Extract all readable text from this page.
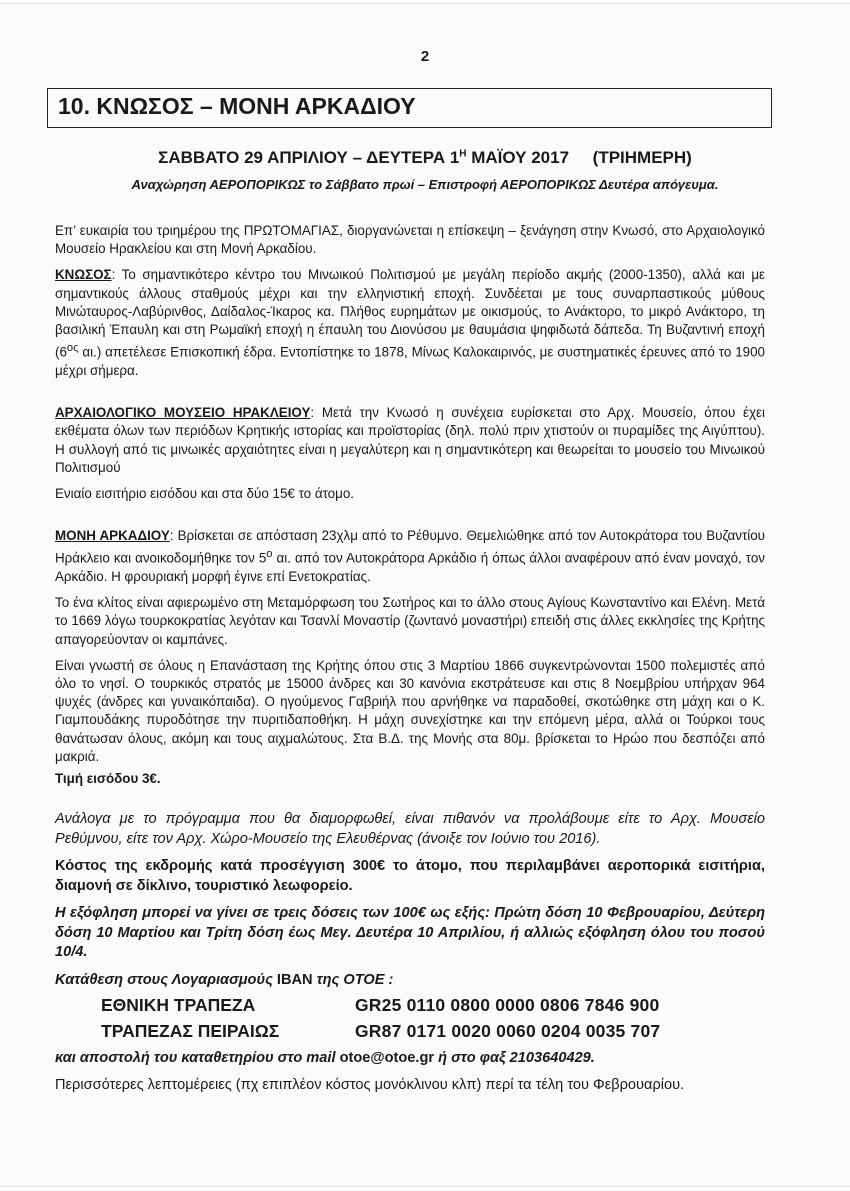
2
10. ΚΝΩΣΟΣ – ΜΟΝΗ ΑΡΚΑΔΙΟΥ
ΣΑΒΒΑΤΟ 29 ΑΠΡΙΛΙΟΥ – ΔΕΥΤΕΡΑ $1^H$ ΜΑΪΟΥ 2017 (ΤΡΙΗΜΕΡΗ)
Αναχώρηση ΑΕΡΟΠΟΡΙΚΩΣ το Σάββατο πρωί – Επιστροφή ΑΕΡΟΠΟΡΙΚΩΣ Δευτέρα απόγευμα.

Επ’ ευκαιρία του τριημέρου της ΠΡΩΤΟΜΑΓΙΑΣ, διοργανώνεται η επίσκεψη – ξενάγηση στην Κνωσό, στο Αρχαιολογικό Μουσείο Ηρακλείου και στη Μονή Αρκαδίου.

ΚΝΩΣΟΣ: Το σημαντικότερο κέντρο του Μινωικού Πολιτισμού με μεγάλη περίοδο ακμής (2000-1350), αλλά και με σημαντικούς άλλους σταθμούς μέχρι και την ελληνιστική εποχή. Συνδέεται με τους συναρπαστικούς μύθους Μινώταυρος-Λαβύρινθος, Δαίδαλος-Ίκαρος κα. Πλήθος ευρημάτων με οικισμούς, το Ανάκτορο, το μικρό Ανάκτορο, τη βασιλική Έπαυλη και στη Ρωμαϊκή εποχή η έπαυλη του Διονύσου με θαυμάσια ψηφιδωτά δάπεδα. Τη Βυζαντινή εποχή ($6^{o\varsigma}$ αι.) απετέλεσε Επισκοπική έδρα. Εντοπίστηκε το 1878, Μίνως Καλοκαιρινός, με συστηματικές έρευνες από το 1900 μέχρι σήμερα.

ΑΡΧΑΙΟΛΟΓΙΚΟ ΜΟΥΣΕΙΟ ΗΡΑΚΛΕΙΟΥ: Μετά την Κνωσό η συνέχεια ευρίσκεται στο Αρχ. Μουσείο, όπου έχει εκθέματα όλων των περιόδων Κρητικής ιστορίας και προϊστορίας (δηλ. πολύ πριν χτιστούν οι πυραμίδες της Αιγύπτου). Η συλλογή από τις μινωικές αρχαιότητες είναι η μεγαλύτερη και η σημαντικότερη και θεωρείται το μουσείο του Μινωικού Πολιτισμού

Ενιαίο εισιτήριο εισόδου και στα δύο 15€ το άτομο.

ΜΟΝΗ ΑΡΚΑΔΙΟΥ: Βρίσκεται σε απόσταση 23χλμ από το Ρέθυμνο. Θεμελιώθηκε από τον Αυτοκράτορα του Βυζαντίου Ηράκλειο και ανοικοδομήθηκε τον $5^o$ αι. από τον Αυτοκράτορα Αρκάδιο ή όπως άλλοι αναφέρουν από έναν μοναχό, τον Αρκάδιο. Η φρουριακή μορφή έγινε επί Ενετοκρατίας.

Το ένα κλίτος είναι αφιερωμένο στη Μεταμόρφωση του Σωτήρος και το άλλο στους Αγίους Κωνσταντίνο και Ελένη. Μετά το 1669 λόγω τουρκοκρατίας λεγόταν και Τσανλί Μοναστίρ (ζωντανό μοναστήρι) επειδή στις άλλες εκκλησίες της Κρήτης απαγορεύονταν οι καμπάνες.

Είναι γνωστή σε όλους η Επανάσταση της Κρήτης όπου στις 3 Μαρτίου 1866 συγκεντρώνονται 1500 πολεμιστές από όλο το νησί. Ο τουρκικός στρατός με 15000 άνδρες και 30 κανόνια εκστράτευσε και στις 8 Νοεμβρίου υπήρχαν 964 ψυχές (άνδρες και γυναικόπαιδα). Ο ηγούμενος Γαβριήλ που αρνήθηκε να παραδοθεί, σκοτώθηκε στη μάχη και ο Κ. Γιαμπουδάκης πυροδότησε την πυριτιδαποθήκη. Η μάχη συνεχίστηκε και την επόμενη μέρα, αλλά οι Τούρκοι τους θανάτωσαν όλους, ακόμη και τους αιχμαλώτους. Στα Β.Δ. της Μονής στα 80μ. βρίσκεται το Ηρώο που δεσπόζει από μακριά.

Τιμή εισόδου 3€.

Ανάλογα με το πρόγραμμα που θα διαμορφωθεί, είναι πιθανόν να προλάβουμε είτε το Αρχ. Μουσείο Ρεθύμνου, είτε τον Αρχ. Χώρο-Μουσείο της Ελευθέρνας (άνοιξε τον Ιούνιο του 2016).

Κόστος της εκδρομής κατά προσέγγιση 300€ το άτομο, που περιλαμβάνει αεροπορικά εισιτήρια, διαμονή σε δίκλινο, τουριστικό λεωφορείο.

Η εξόφληση μπορεί να γίνει σε τρεις δόσεις των 100€ ως εξής: Πρώτη δόση 10 Φεβρουαρίου, Δεύτερη δόση 10 Μαρτίου και Τρίτη δόση έως Μεγ. Δευτέρα 10 Απριλίου, ή αλλιώς εξόφληση όλου του ποσού 10/4.

Κατάθεση στους Λογαριασμούς IBAN της ΟΤΟΕ :

ΕΘΝΙΚΗ ΤΡΑΠΕΖΑ	GR25 0110 0800 0000 0806 7846 900
ΤΡΑΠΕΖΑΣ ΠΕΙΡΑΙΩΣ	GR87 0171 0020 0060 0204 0035 707

και αποστολή του καταθετηρίου στο mail otoe@otoe.gr ή στο φαξ 2103640429.

Περισσότερες λεπτομέρειες (πχ επιπλέον κόστος μονόκλινου κλπ) περί τα τέλη του Φεβρουαρίου.
